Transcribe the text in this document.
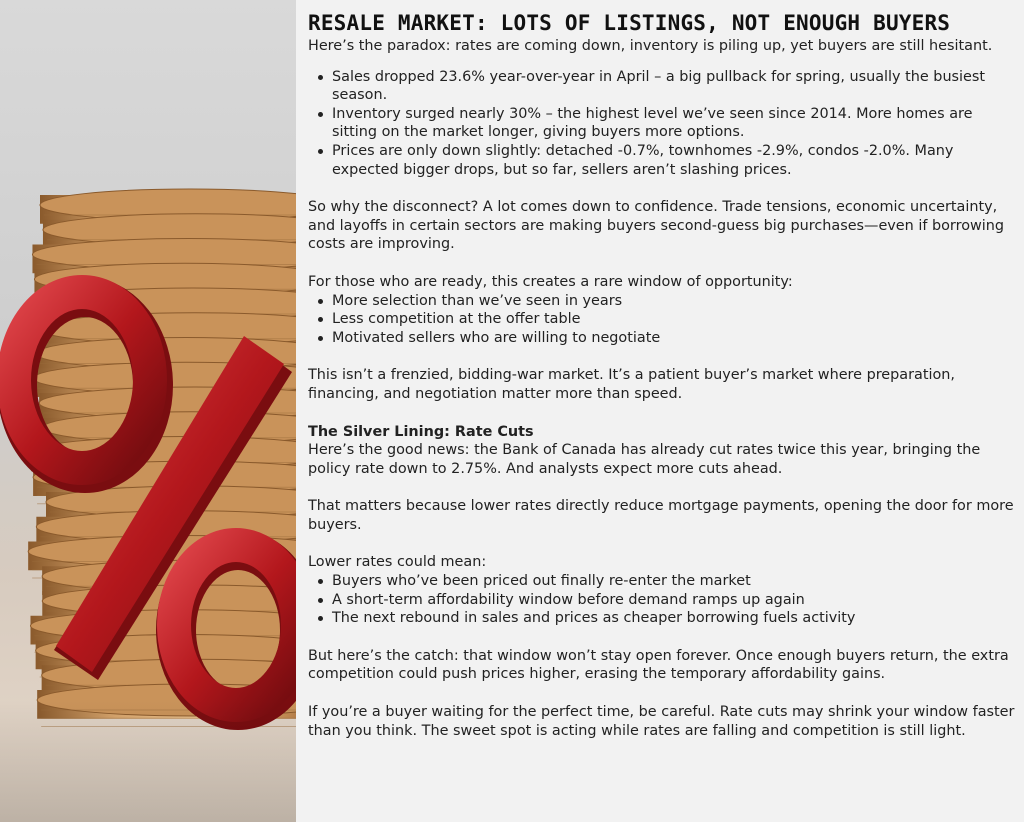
RESALE MARKET: LOTS OF LISTINGS, NOT ENOUGH BUYERS

Here’s the paradox: rates are coming down, inventory is piling up, yet buyers are still hesitant.

Sales dropped 23.6% year-over-year in April – a big pullback for spring, usually the busiest season.
Inventory surged nearly 30% – the highest level we’ve seen since 2014. More homes are sitting on the market longer, giving buyers more options.
Prices are only down slightly: detached -0.7%, townhomes -2.9%, condos -2.0%. Many expected bigger drops, but so far, sellers aren’t slashing prices.

So why the disconnect? A lot comes down to confidence. Trade tensions, economic uncertainty, and layoffs in certain sectors are making buyers second-guess big purchases—even if borrowing costs are improving.

For those who are ready, this creates a rare window of opportunity:

More selection than we’ve seen in years
Less competition at the offer table
Motivated sellers who are willing to negotiate

This isn’t a frenzied, bidding-war market. It’s a patient buyer’s market where preparation, financing, and negotiation matter more than speed.

The Silver Lining: Rate Cuts

Here’s the good news: the Bank of Canada has already cut rates twice this year, bringing the policy rate down to 2.75%. And analysts expect more cuts ahead.

That matters because lower rates directly reduce mortgage payments, opening the door for more buyers.

Lower rates could mean:

Buyers who’ve been priced out finally re-enter the market
A short-term affordability window before demand ramps up again
The next rebound in sales and prices as cheaper borrowing fuels activity

But here’s the catch: that window won’t stay open forever. Once enough buyers return, the extra competition could push prices higher, erasing the temporary affordability gains.

If you’re a buyer waiting for the perfect time, be careful. Rate cuts may shrink your window faster than you think. The sweet spot is acting while rates are falling and competition is still light.
